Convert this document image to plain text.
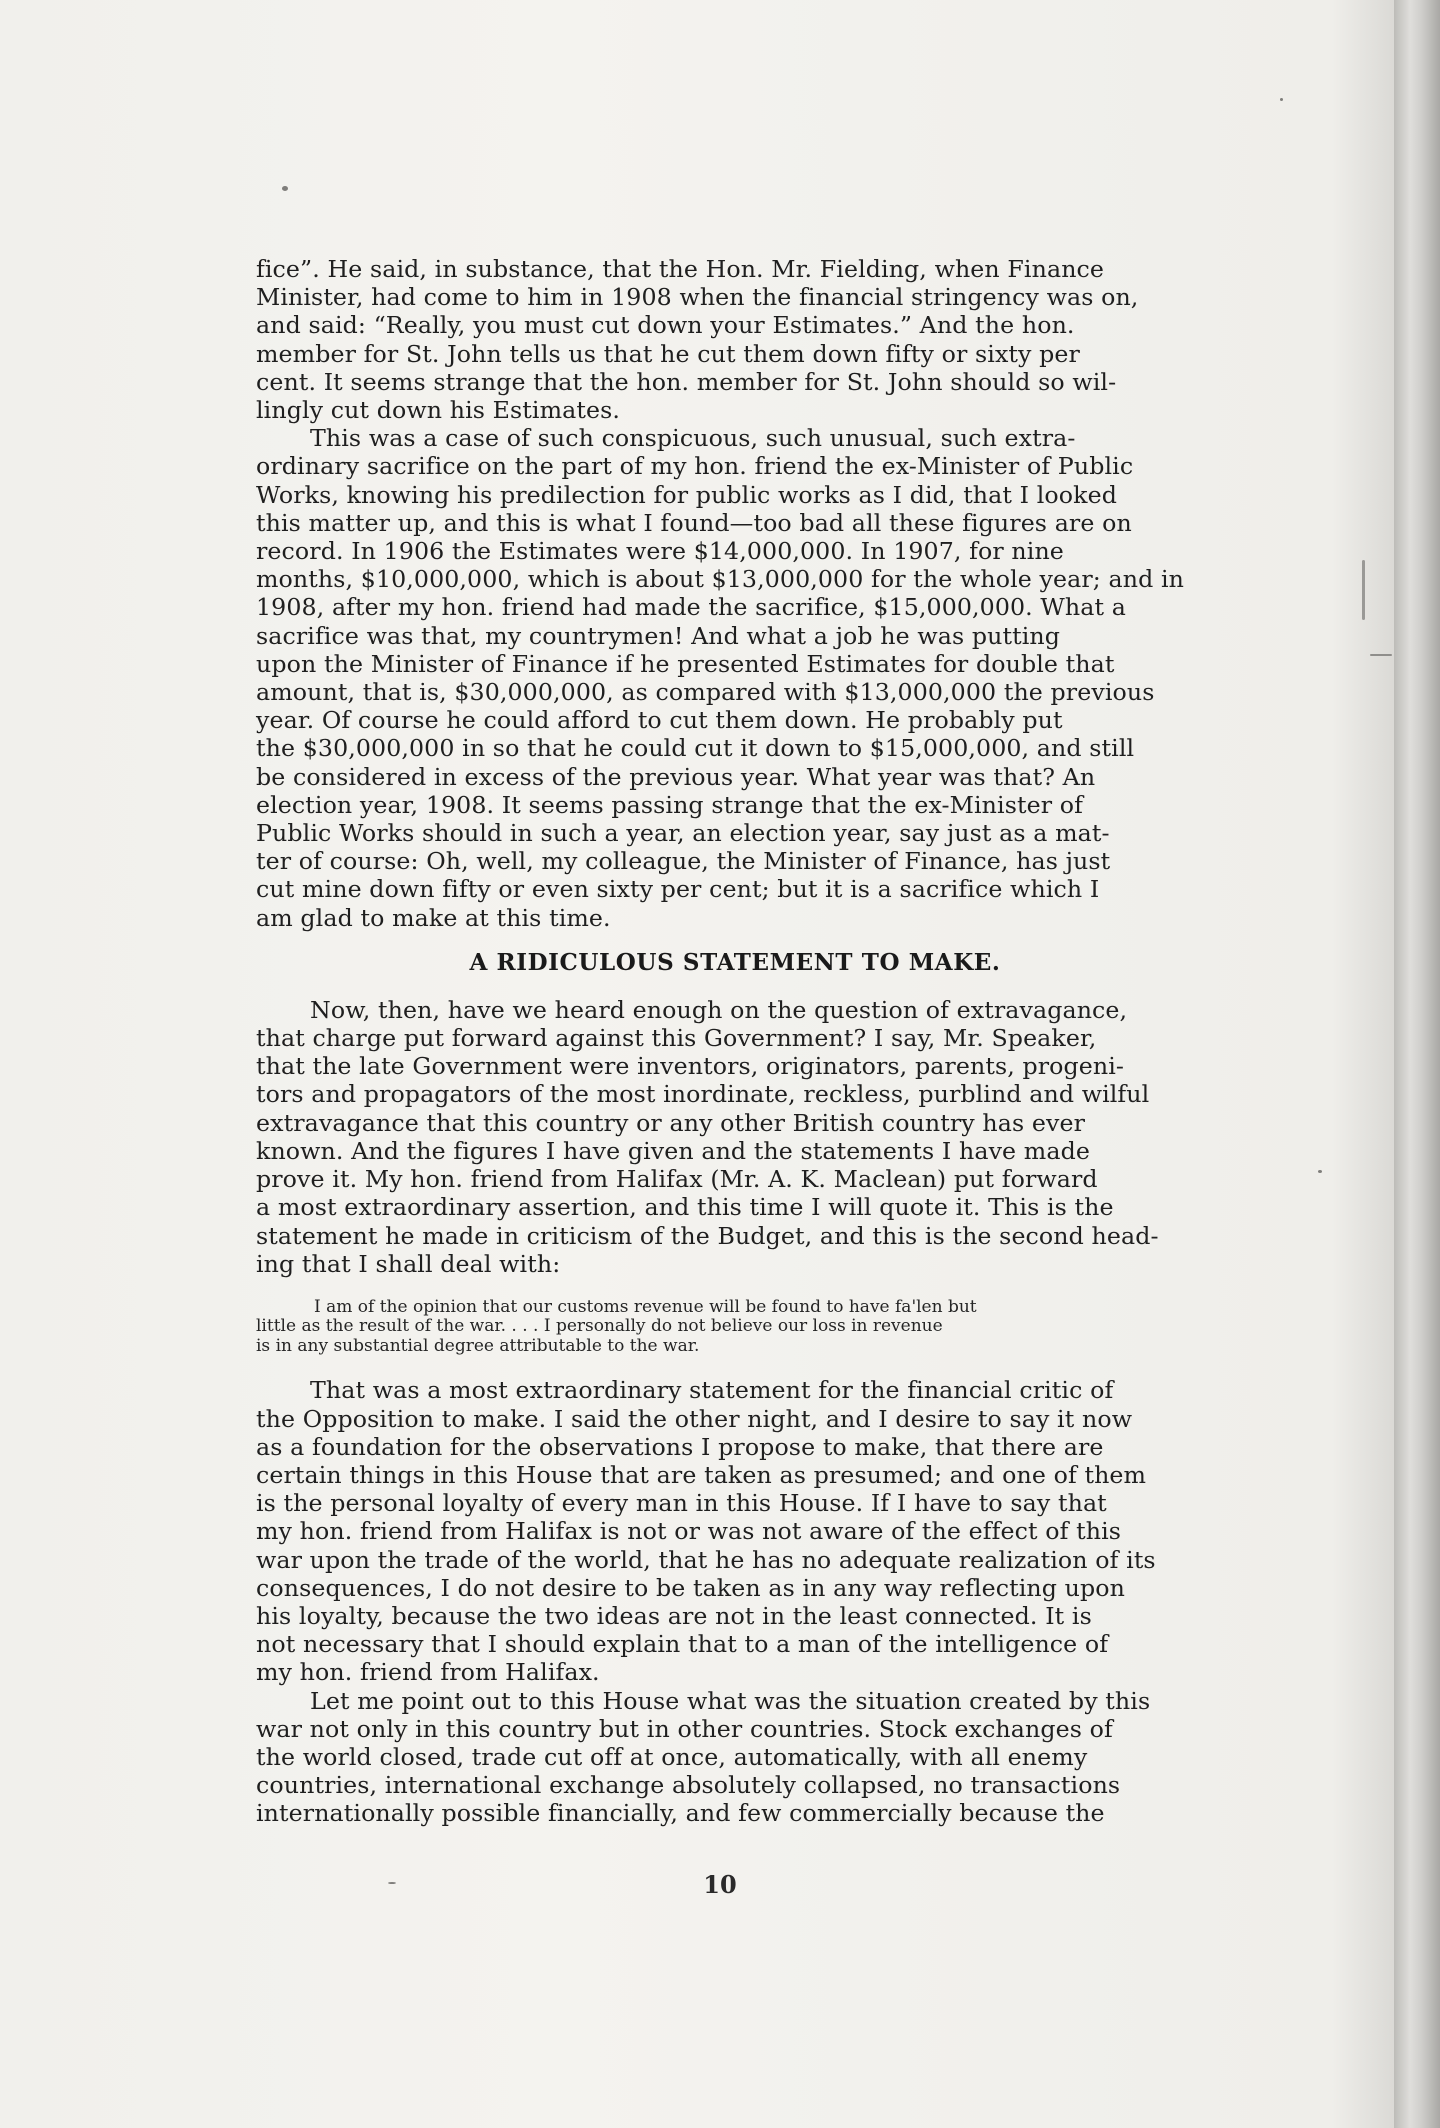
fice”. He said, in substance, that the Hon. Mr. Fielding, when Finance
Minister, had come to him in 1908 when the financial stringency was on,
and said: “Really, you must cut down your Estimates.” And the hon.
member for St. John tells us that he cut them down fifty or sixty per
cent. It seems strange that the hon. member for St. John should so wil-
lingly cut down his Estimates.

This was a case of such conspicuous, such unusual, such extra-
ordinary sacrifice on the part of my hon. friend the ex-Minister of Public
Works, knowing his predilection for public works as I did, that I looked
this matter up, and this is what I found—too bad all these figures are on
record. In 1906 the Estimates were $14,000,000. In 1907, for nine
months, $10,000,000, which is about $13,000,000 for the whole year; and in
1908, after my hon. friend had made the sacrifice, $15,000,000. What a
sacrifice was that, my countrymen! And what a job he was putting
upon the Minister of Finance if he presented Estimates for double that
amount, that is, $30,000,000, as compared with $13,000,000 the previous
year. Of course he could afford to cut them down. He probably put
the $30,000,000 in so that he could cut it down to $15,000,000, and still
be considered in excess of the previous year. What year was that? An
election year, 1908. It seems passing strange that the ex-Minister of
Public Works should in such a year, an election year, say just as a mat-
ter of course: Oh, well, my colleague, the Minister of Finance, has just
cut mine down fifty or even sixty per cent; but it is a sacrifice which I
am glad to make at this time.

A RIDICULOUS STATEMENT TO MAKE.

Now, then, have we heard enough on the question of extravagance,
that charge put forward against this Government? I say, Mr. Speaker,
that the late Government were inventors, originators, parents, progeni-
tors and propagators of the most inordinate, reckless, purblind and wilful
extravagance that this country or any other British country has ever
known. And the figures I have given and the statements I have made
prove it. My hon. friend from Halifax (Mr. A. K. Maclean) put forward
a most extraordinary assertion, and this time I will quote it. This is the
statement he made in criticism of the Budget, and this is the second head-
ing that I shall deal with:

I am of the opinion that our customs revenue will be found to have fa'len but
little as the result of the war. . . . I personally do not believe our loss in revenue
is in any substantial degree attributable to the war.

That was a most extraordinary statement for the financial critic of
the Opposition to make. I said the other night, and I desire to say it now
as a foundation for the observations I propose to make, that there are
certain things in this House that are taken as presumed; and one of them
is the personal loyalty of every man in this House. If I have to say that
my hon. friend from Halifax is not or was not aware of the effect of this
war upon the trade of the world, that he has no adequate realization of its
consequences, I do not desire to be taken as in any way reflecting upon
his loyalty, because the two ideas are not in the least connected. It is
not necessary that I should explain that to a man of the intelligence of
my hon. friend from Halifax.

Let me point out to this House what was the situation created by this
war not only in this country but in other countries. Stock exchanges of
the world closed, trade cut off at once, automatically, with all enemy
countries, international exchange absolutely collapsed, no transactions
internationally possible financially, and few commercially because the

10
